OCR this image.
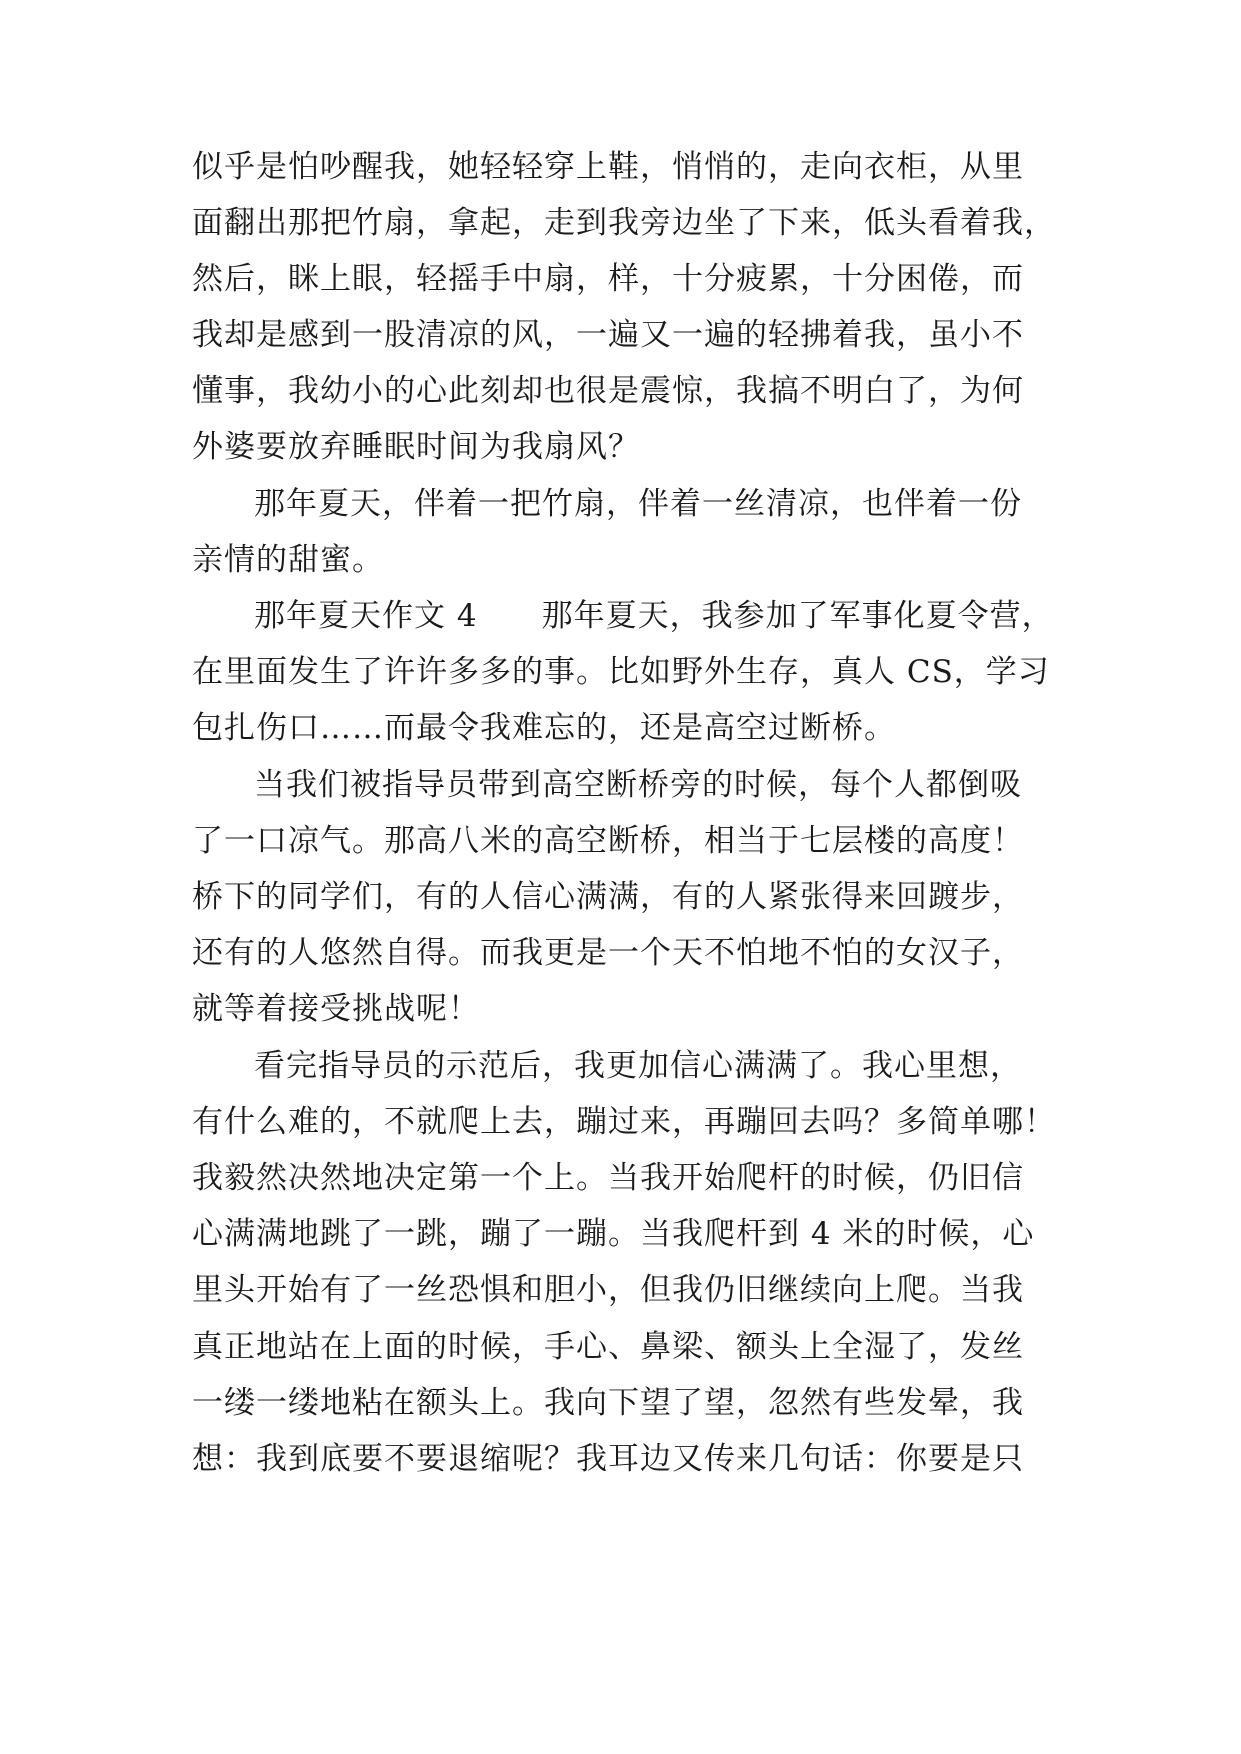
似乎是怕吵醒我，她轻轻穿上鞋，悄悄的，走向衣柜，从里
面翻出那把竹扇，拿起，走到我旁边坐了下来，低头看着我，
然后，眯上眼，轻摇手中扇，样，十分疲累，十分困倦，而
我却是感到一股清凉的风，一遍又一遍的轻拂着我，虽小不
懂事，我幼小的心此刻却也很是震惊，我搞不明白了，为何
外婆要放弃睡眠时间为我扇风？
那年夏天，伴着一把竹扇，伴着一丝清凉，也伴着一份
亲情的甜蜜。
那年夏天作文 4　　那年夏天，我参加了军事化夏令营，
在里面发生了许许多多的事。比如野外生存，真人 CS，学习
包扎伤口……而最令我难忘的，还是高空过断桥。
当我们被指导员带到高空断桥旁的时候，每个人都倒吸
了一口凉气。那高八米的高空断桥，相当于七层楼的高度！
桥下的同学们，有的人信心满满，有的人紧张得来回踱步，
还有的人悠然自得。而我更是一个天不怕地不怕的女汉子，
就等着接受挑战呢！
看完指导员的示范后，我更加信心满满了。我心里想，
有什么难的，不就爬上去，蹦过来，再蹦回去吗？多简单哪！
我毅然决然地决定第一个上。当我开始爬杆的时候，仍旧信
心满满地跳了一跳，蹦了一蹦。当我爬杆到 4 米的时候，心
里头开始有了一丝恐惧和胆小，但我仍旧继续向上爬。当我
真正地站在上面的时候，手心、鼻梁、额头上全湿了，发丝
一缕一缕地粘在额头上。我向下望了望，忽然有些发晕，我
想：我到底要不要退缩呢？我耳边又传来几句话：你要是只
